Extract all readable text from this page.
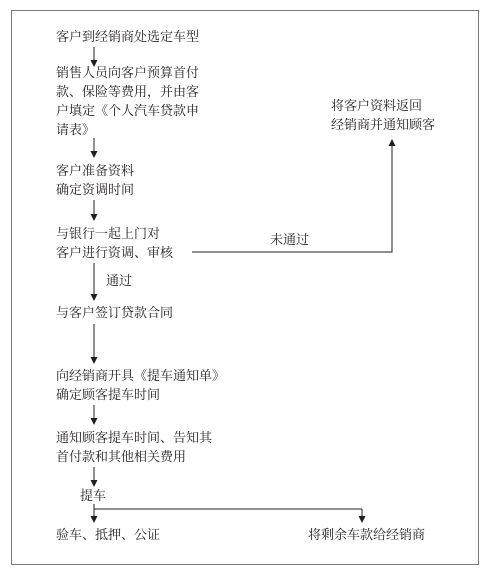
客户到经销商处选定车型
销售人员向客户预算首付
款、保险等费用，并由客
户填定《个人汽车贷款申
请表》
客户准备资料
确定资调时间
与银行一起上门对
客户进行资调、审核
通过
未通过
将客户资料返回
经销商并通知顾客
与客户签订贷款合同
向经销商开具《提车通知单》
确定顾客提车时间
通知顾客提车时间、告知其
首付款和其他相关费用
提车
验车、抵押、公证	将剩余车款给经销商
